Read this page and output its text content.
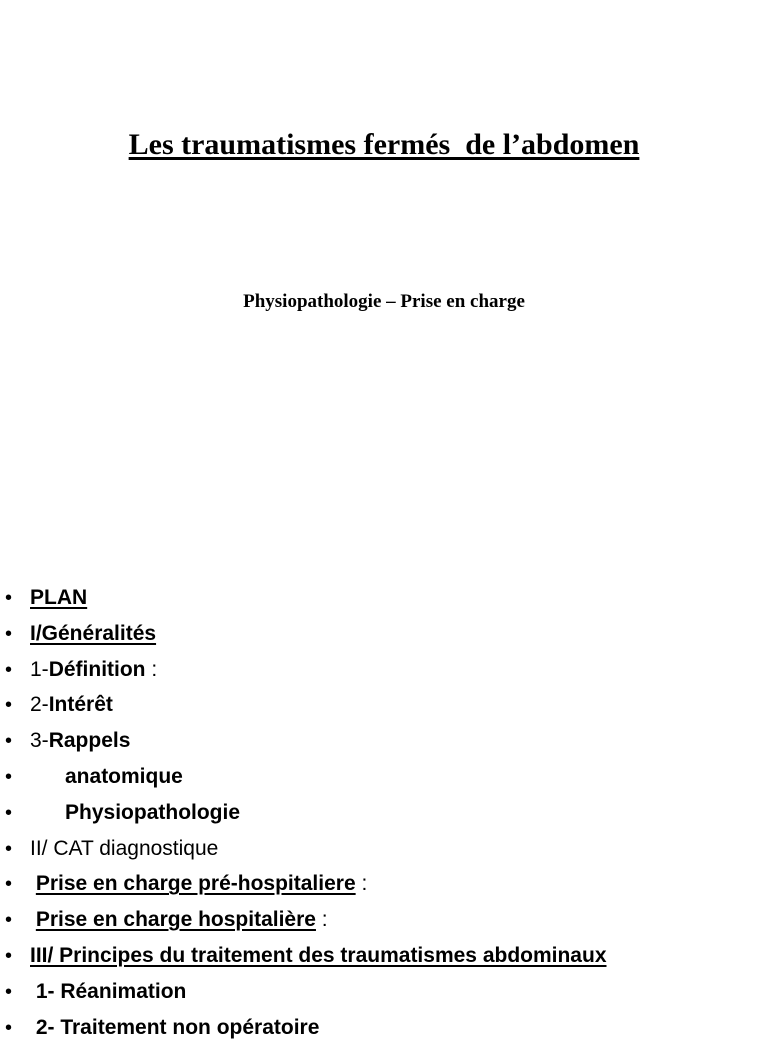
Les traumatismes fermés  de l’abdomen
Physiopathologie – Prise en charge
• PLAN
• I/Généralités
• 1-Définition :
• 2-Intérêt
• 3-Rappels
• anatomique
• Physiopathologie
• II/ CAT diagnostique
• Prise en charge pré-hospitaliere :
• Prise en charge hospitalière :
• III/ Principes du traitement des traumatismes abdominaux
• 1- Réanimation
• 2- Traitement non opératoire
